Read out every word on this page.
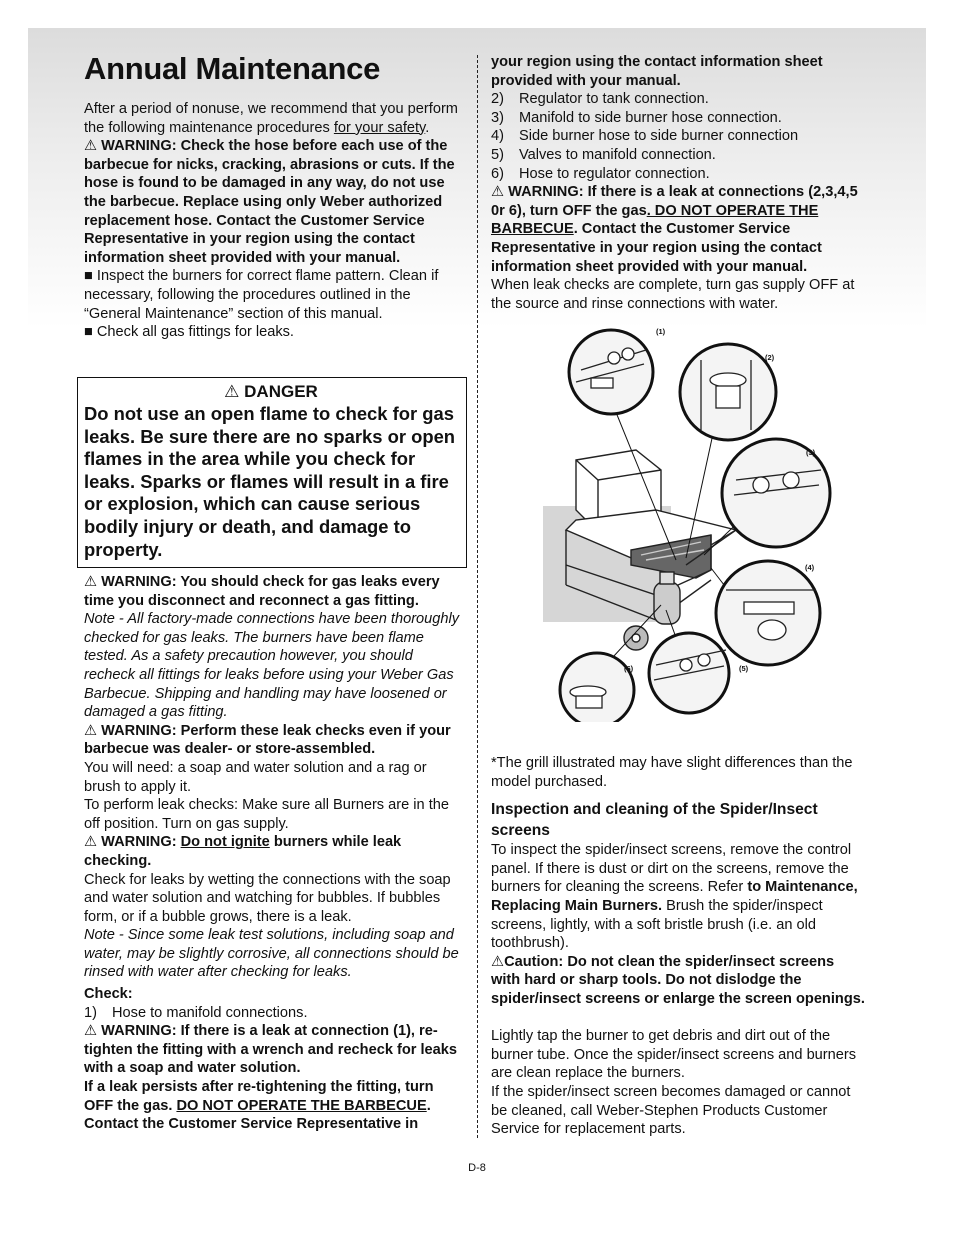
Annual Maintenance

After a period of nonuse, we recommend that you perform the following maintenance procedures for your safety.

⚠ WARNING: Check the hose before each use of the barbecue for nicks, cracking, abrasions or cuts. If the hose is found to be damaged in any way, do not use the barbecue. Replace using only Weber authorized replacement hose. Contact the Customer Service Representative in your region using the contact information sheet provided with your manual.

■ Inspect the burners for correct flame pattern. Clean if necessary, following the procedures outlined in the “General Maintenance” section of this manual.

■ Check all gas fittings for leaks.

⚠ DANGER
Do not use an open flame to check for gas leaks. Be sure there are no sparks or open flames in the area while you check for leaks. Sparks or flames will result in a fire or explosion, which can cause serious bodily injury or death, and damage to property.

⚠ WARNING: You should check for gas leaks every time you disconnect and reconnect a gas fitting.

Note - All factory-made connections have been thoroughly checked for gas leaks. The burners have been flame tested. As a safety precaution however, you should recheck all fittings for leaks before using your Weber Gas Barbecue. Shipping and handling may have loosened or damaged a gas fitting.

⚠ WARNING: Perform these leak checks even if your barbecue was dealer- or store-assembled.

You will need: a soap and water solution and a rag or brush to apply it.

To perform leak checks: Make sure all Burners are in the off position. Turn on gas supply.

⚠ WARNING: Do not ignite burners while leak checking.

Check for leaks by wetting the connections with the soap and water solution and watching for bubbles. If bubbles form, or if a bubble grows, there is a leak.

Note - Since some leak test solutions, including soap and water, may be slightly corrosive, all connections should be rinsed with water after checking for leaks.

Check:

1)	Hose to manifold connections.

⚠ WARNING: If there is a leak at connection (1), re-tighten the fitting with a wrench and recheck for leaks with a soap and water solution.

If a leak persists after re-tightening the fitting, turn OFF the gas. DO NOT OPERATE THE BARBECUE. Contact the Customer Service Representative in

your region using the contact information sheet provided with your manual.

2)	Regulator to tank connection.
3)	Manifold to side burner hose connection.
4)	Side burner hose to side burner connection
5)	Valves to manifold connection.
6)	Hose to regulator connection.

⚠ WARNING: If there is a leak at connections (2,3,4,5 0r 6), turn OFF the gas. DO NOT OPERATE THE BARBECUE. Contact the Customer Service Representative in your region using the contact information sheet provided with your manual.

When leak checks are complete, turn gas supply OFF at the source and rinse connections with water.

(1)
(2)
(3)
(4)
(5)
(6)

*The grill illustrated may have slight differences than the model purchased.

Inspection and cleaning of the Spider/Insect screens

To inspect the spider/insect screens, remove the control panel. If there is dust or dirt on the screens, remove the burners for cleaning the screens. Refer to Maintenance, Replacing Main Burners. Brush the spider/inspect screens, lightly, with a soft bristle brush (i.e. an old toothbrush).

⚠Caution: Do not clean the spider/insect screens with hard or sharp tools. Do not dislodge the spider/insect screens or enlarge the screen openings.

Lightly tap the burner to get debris and dirt out of the burner tube. Once the spider/insect screens and burners are clean replace the burners.

If the spider/insect screen becomes damaged or cannot be cleaned, call Weber-Stephen Products Customer Service for replacement parts.

D-8
